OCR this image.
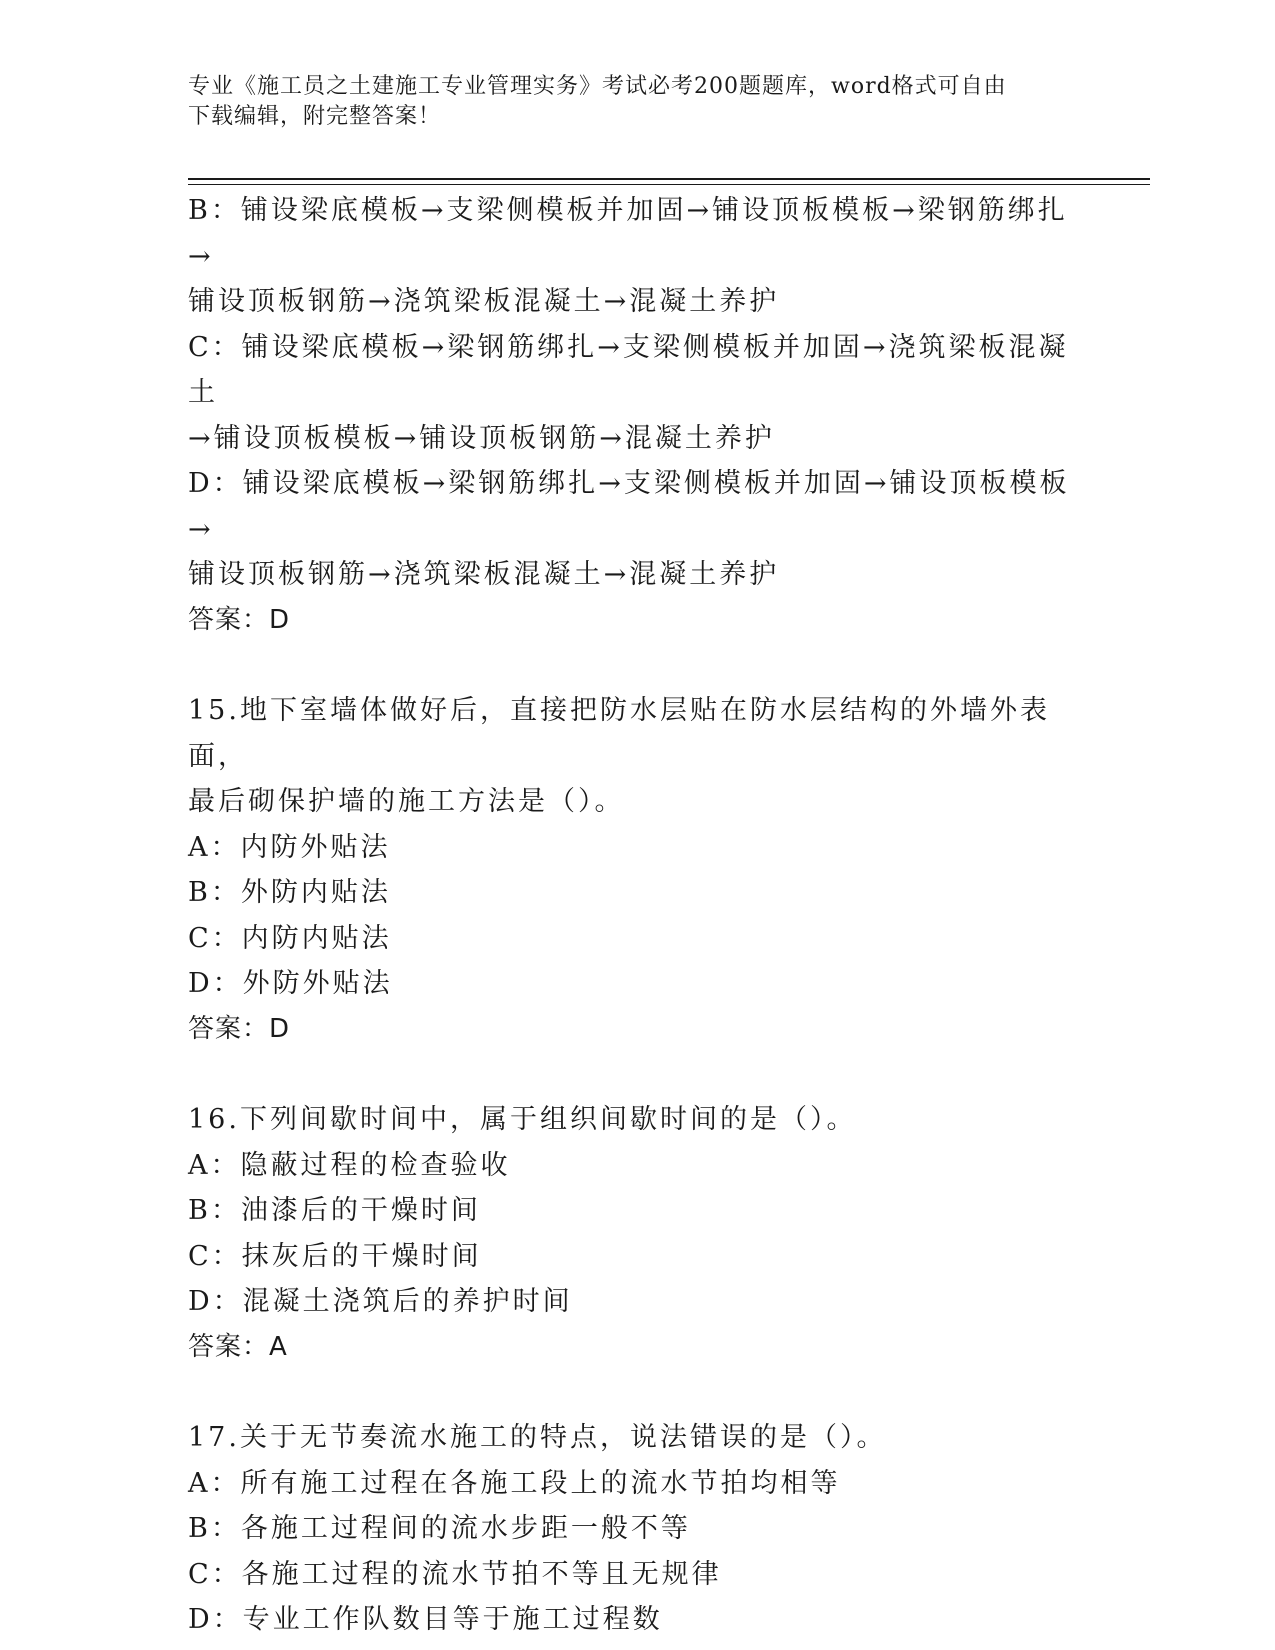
专业《施工员之土建施工专业管理实务》考试必考200题题库，word格式可自由
下载编辑，附完整答案！
B：铺设梁底模板→支梁侧模板并加固→铺设顶板模板→梁钢筋绑扎→
铺设顶板钢筋→浇筑梁板混凝土→混凝土养护
C：铺设梁底模板→梁钢筋绑扎→支梁侧模板并加固→浇筑梁板混凝土
→铺设顶板模板→铺设顶板钢筋→混凝土养护
D：铺设梁底模板→梁钢筋绑扎→支梁侧模板并加固→铺设顶板模板→
铺设顶板钢筋→浇筑梁板混凝土→混凝土养护
答案：D
15.地下室墙体做好后，直接把防水层贴在防水层结构的外墙外表面，
最后砌保护墙的施工方法是（）。
A：内防外贴法
B：外防内贴法
C：内防内贴法
D：外防外贴法
答案：D
16.下列间歇时间中，属于组织间歇时间的是（）。
A：隐蔽过程的检查验收
B：油漆后的干燥时间
C：抹灰后的干燥时间
D：混凝土浇筑后的养护时间
答案：A
17.关于无节奏流水施工的特点，说法错误的是（）。
A：所有施工过程在各施工段上的流水节拍均相等
B：各施工过程间的流水步距一般不等
C：各施工过程的流水节拍不等且无规律
D：专业工作队数目等于施工过程数
